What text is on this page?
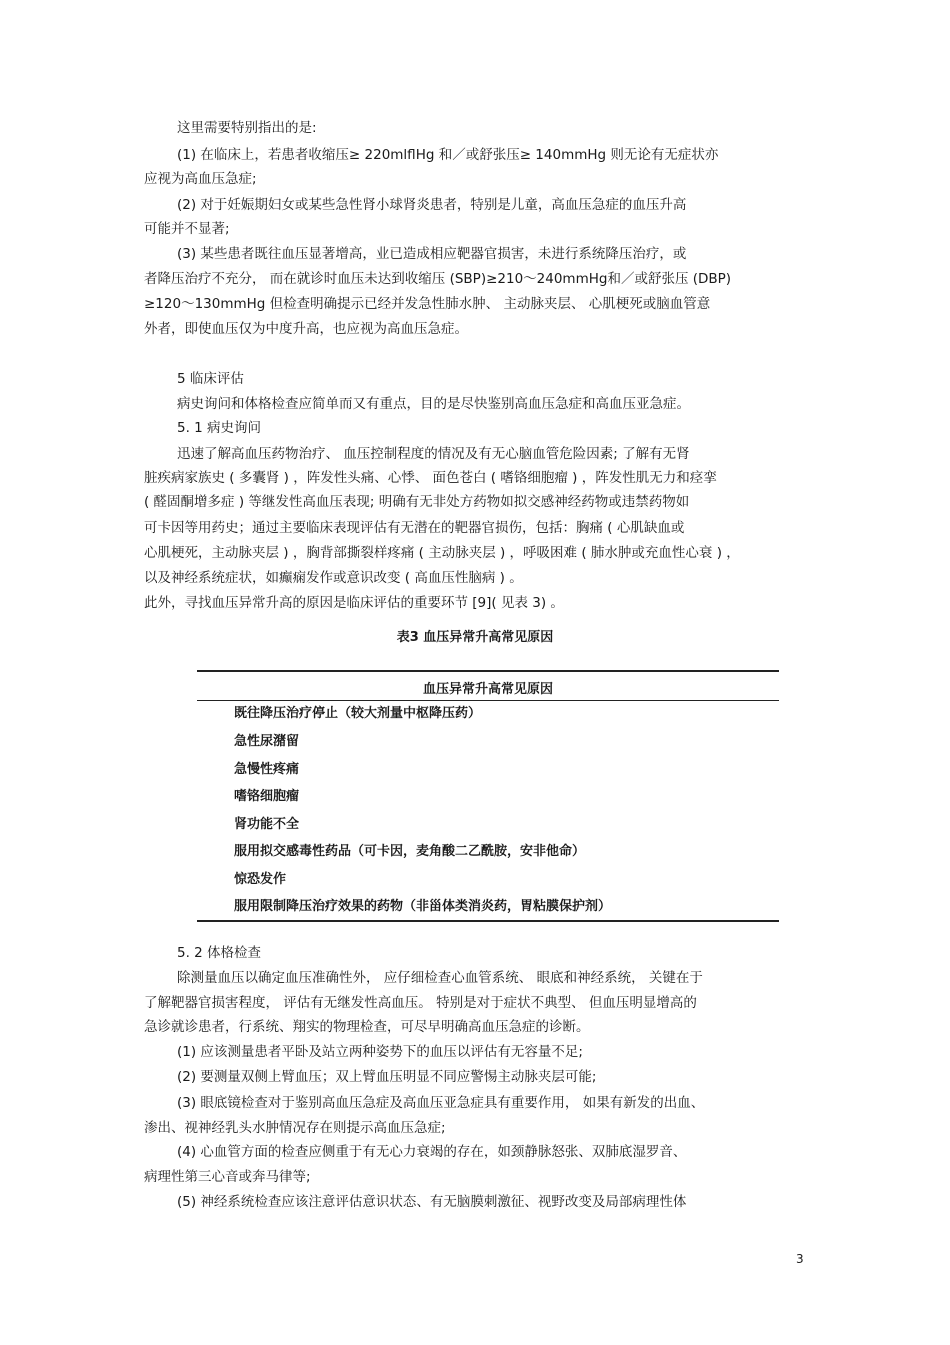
这里需要特别指出的是:
(1) 在临床上，若患者收缩压≥ 220mlflHg 和／或舒张压≥ 140mmHg 则无论有无症状亦
应视为高血压急症;
(2) 对于妊娠期妇女或某些急性肾小球肾炎患者，特别是儿童，高血压急症的血压升高
可能并不显著;
(3) 某些患者既往血压显著增高，业已造成相应靶器官损害，未进行系统降压治疗，或
者降压治疗不充分， 而在就诊时血压未达到收缩压 (SBP)≥210～240mmHg和／或舒张压 (DBP)
≥120～130mmHg 但检查明确提示已经并发急性肺水肿、 主动脉夹层、 心肌梗死或脑血管意
外者，即使血压仅为中度升高，也应视为高血压急症。
5 临床评估
病史询问和体格检查应简单而又有重点，目的是尽快鉴别高血压急症和高血压亚急症。
5. 1 病史询问
迅速了解高血压药物治疗、 血压控制程度的情况及有无心脑血管危险因素; 了解有无肾
脏疾病家族史 ( 多囊肾 ) ，阵发性头痛、心悸、 面色苍白 ( 嗜铬细胞瘤 ) ，阵发性肌无力和痉挛
( 醛固酮增多症 ) 等继发性高血压表现; 明确有无非处方药物如拟交感神经药物或违禁药物如
可卡因等用药史；通过主要临床表现评估有无潜在的靶器官损伤，包括：胸痛 ( 心肌缺血或
心肌梗死，主动脉夹层 ) ，胸背部撕裂样疼痛 ( 主动脉夹层 ) ，呼吸困难 ( 肺水肿或充血性心衰 ) ，
以及神经系统症状，如癫痫发作或意识改变 ( 高血压性脑病 ) 。
此外，寻找血压异常升高的原因是临床评估的重要环节 [9]( 见表 3) 。
5. 2 体格检查
除测量血压以确定血压准确性外， 应仔细检查心血管系统、 眼底和神经系统， 关键在于
了解靶器官损害程度， 评估有无继发性高血压。 特别是对于症状不典型、 但血压明显增高的
急诊就诊患者，行系统、翔实的物理检查，可尽早明确高血压急症的诊断。
(1) 应该测量患者平卧及站立两种姿势下的血压以评估有无容量不足;
(2) 要测量双侧上臂血压；双上臂血压明显不同应警惕主动脉夹层可能;
(3) 眼底镜检查对于鉴别高血压急症及高血压亚急症具有重要作用， 如果有新发的出血、
渗出、视神经乳头水肿情况存在则提示高血压急症;
(4) 心血管方面的检查应侧重于有无心力衰竭的存在，如颈静脉怒张、双肺底湿罗音、
病理性第三心音或奔马律等;
(5) 神经系统检查应该注意评估意识状态、有无脑膜刺激征、视野改变及局部病理性体
表3 血压异常升高常见原因
血压异常升高常见原因
既往降压治疗停止（较大剂量中枢降压药）
急性尿潴留
急慢性疼痛
嗜铬细胞瘤
肾功能不全
服用拟交感毒性药品（可卡因，麦角酸二乙酰胺，安非他命）
惊恐发作
服用限制降压治疗效果的药物（非甾体类消炎药，胃粘膜保护剂）
3
